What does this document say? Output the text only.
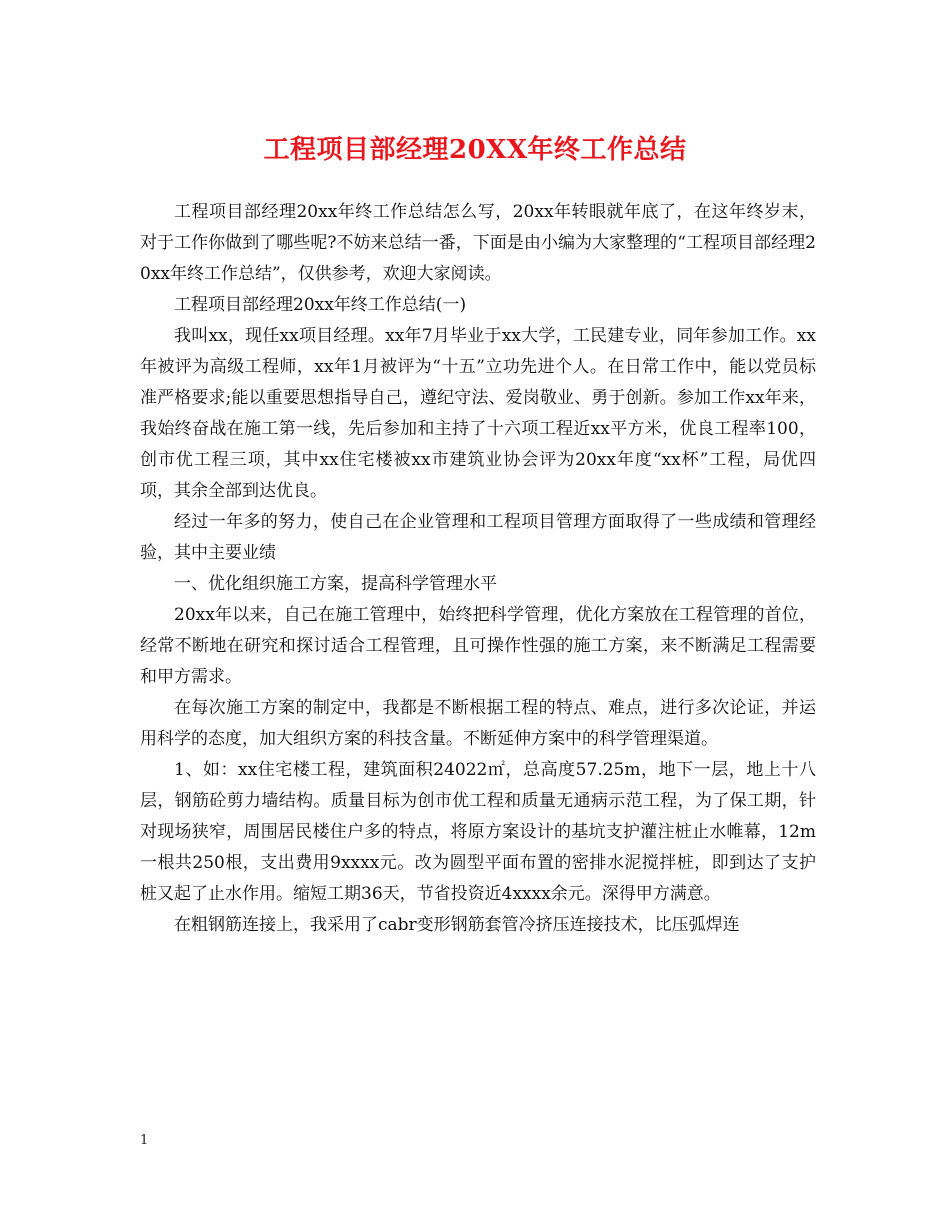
工程项目部经理20XX年终工作总结

工程项目部经理20xx年终工作总结怎么写，20xx年转眼就年底了，在这年终岁末，对于工作你做到了哪些呢?不妨来总结一番，下面是由小编为大家整理的“工程项目部经理20xx年终工作总结”，仅供参考，欢迎大家阅读。

工程项目部经理20xx年终工作总结(一)

我叫xx，现任xx项目经理。xx年7月毕业于xx大学，工民建专业，同年参加工作。xx年被评为高级工程师，xx年1月被评为“十五”立功先进个人。在日常工作中，能以党员标准严格要求;能以重要思想指导自己，遵纪守法、爱岗敬业、勇于创新。参加工作xx年来，我始终奋战在施工第一线，先后参加和主持了十六项工程近xx平方米，优良工程率100，创市优工程三项，其中xx住宅楼被xx市建筑业协会评为20xx年度“xx杯”工程，局优四项，其余全部到达优良。

经过一年多的努力，使自己在企业管理和工程项目管理方面取得了一些成绩和管理经验，其中主要业绩

一、优化组织施工方案，提高科学管理水平

20xx年以来，自己在施工管理中，始终把科学管理，优化方案放在工程管理的首位，经常不断地在研究和探讨适合工程管理，且可操作性强的施工方案，来不断满足工程需要和甲方需求。

在每次施工方案的制定中，我都是不断根据工程的特点、难点，进行多次论证，并运用科学的态度，加大组织方案的科技含量。不断延伸方案中的科学管理渠道。

1、如：xx住宅楼工程，建筑面积24022㎡，总高度57.25m，地下一层，地上十八层，钢筋砼剪力墙结构。质量目标为创市优工程和质量无通病示范工程，为了保工期，针对现场狭窄，周围居民楼住户多的特点，将原方案设计的基坑支护灌注桩止水帷幕，12m一根共250根，支出费用9xxxx元。改为圆型平面布置的密排水泥搅拌桩，即到达了支护桩又起了止水作用。缩短工期36天，节省投资近4xxxx余元。深得甲方满意。

在粗钢筋连接上，我采用了cabr变形钢筋套管冷挤压连接技术，比压弧焊连

1
